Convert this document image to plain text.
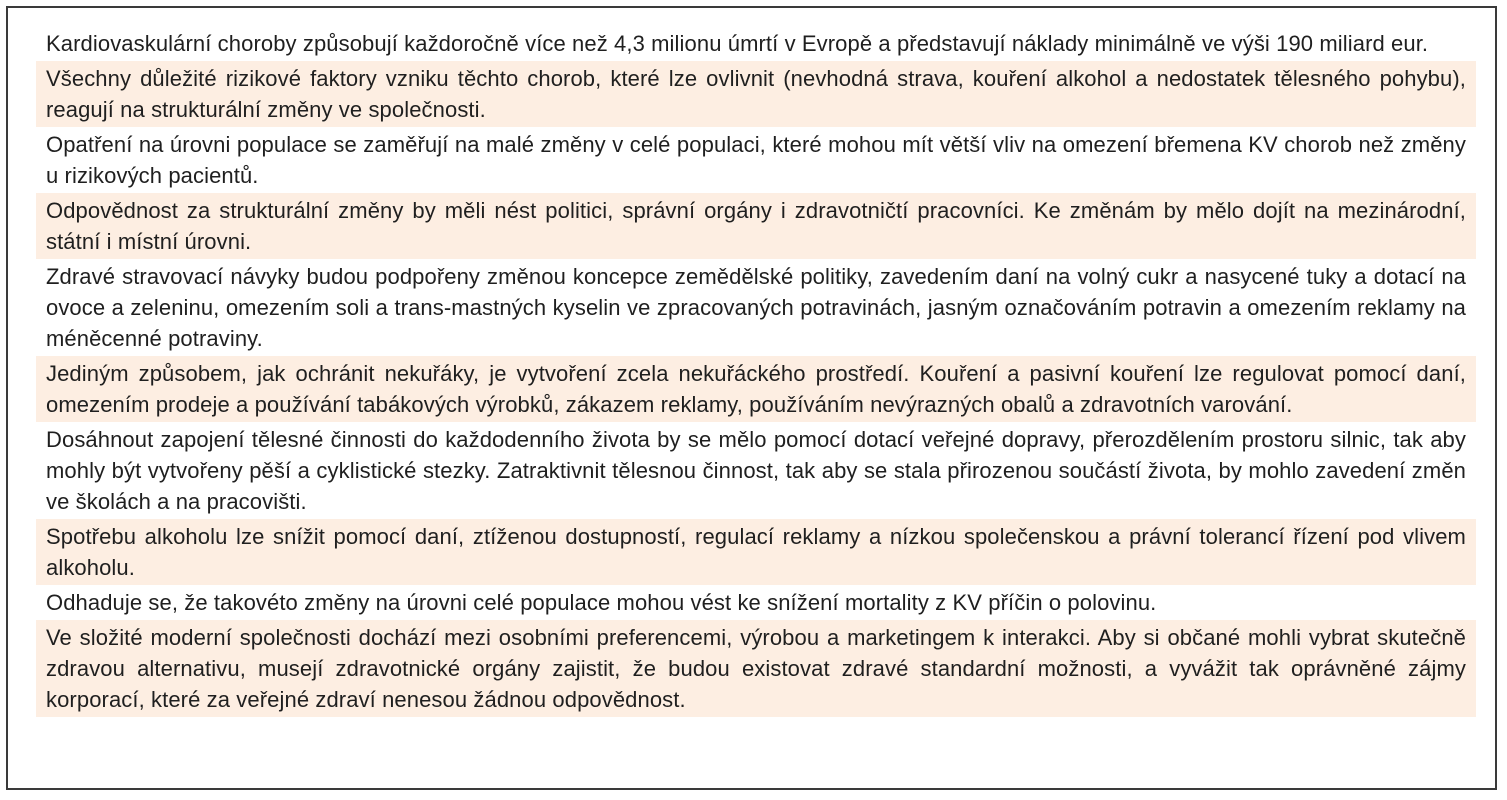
Kardiovaskulární choroby způsobují každoročně více než 4,3 milionu úmrtí v Evropě a představují náklady minimálně ve výši 190 miliard eur.

Všechny důležité rizikové faktory vzniku těchto chorob, které lze ovlivnit (nevhodná strava, kouření alkohol a nedostatek tělesného pohybu), reagují na strukturální změny ve společnosti.

Opatření na úrovni populace se zaměřují na malé změny v celé populaci, které mohou mít větší vliv na omezení břemena KV chorob než změny u rizikových pacientů.

Odpovědnost za strukturální změny by měli nést politici, správní orgány i zdravotničtí pracovníci. Ke změnám by mělo dojít na mezinárodní, státní i místní úrovni.

Zdravé stravovací návyky budou podpořeny změnou koncepce zemědělské politiky, zavedením daní na volný cukr a nasycené tuky a dotací na ovoce a zeleninu, omezením soli a trans-mastných kyselin ve zpracovaných potravinách, jasným označováním potravin a omezením reklamy na méněcenné potraviny.

Jediným způsobem, jak ochránit nekuřáky, je vytvoření zcela nekuřáckého prostředí. Kouření a pasivní kouření lze regulovat pomocí daní, omezením prodeje a používání tabákových výrobků, zákazem reklamy, používáním nevýrazných obalů a zdravotních varování.

Dosáhnout zapojení tělesné činnosti do každodenního života by se mělo pomocí dotací veřejné dopravy, přerozdělením prostoru silnic, tak aby mohly být vytvořeny pěší a cyklistické stezky. Zatraktivnit tělesnou činnost, tak aby se stala přirozenou součástí života, by mohlo zavedení změn ve školách a na pracovišti.

Spotřebu alkoholu lze snížit pomocí daní, ztíženou dostupností, regulací reklamy a nízkou společenskou a právní tolerancí řízení pod vlivem alkoholu.

Odhaduje se, že takovéto změny na úrovni celé populace mohou vést ke snížení mortality z KV příčin o polovinu.

Ve složité moderní společnosti dochází mezi osobními preferencemi, výrobou a marketingem k interakci. Aby si občané mohli vybrat skutečně zdravou alternativu, musejí zdravotnické orgány zajistit, že budou existovat zdravé standardní možnosti, a vyvážit tak oprávněné zájmy korporací, které za veřejné zdraví nenesou žádnou odpovědnost.
